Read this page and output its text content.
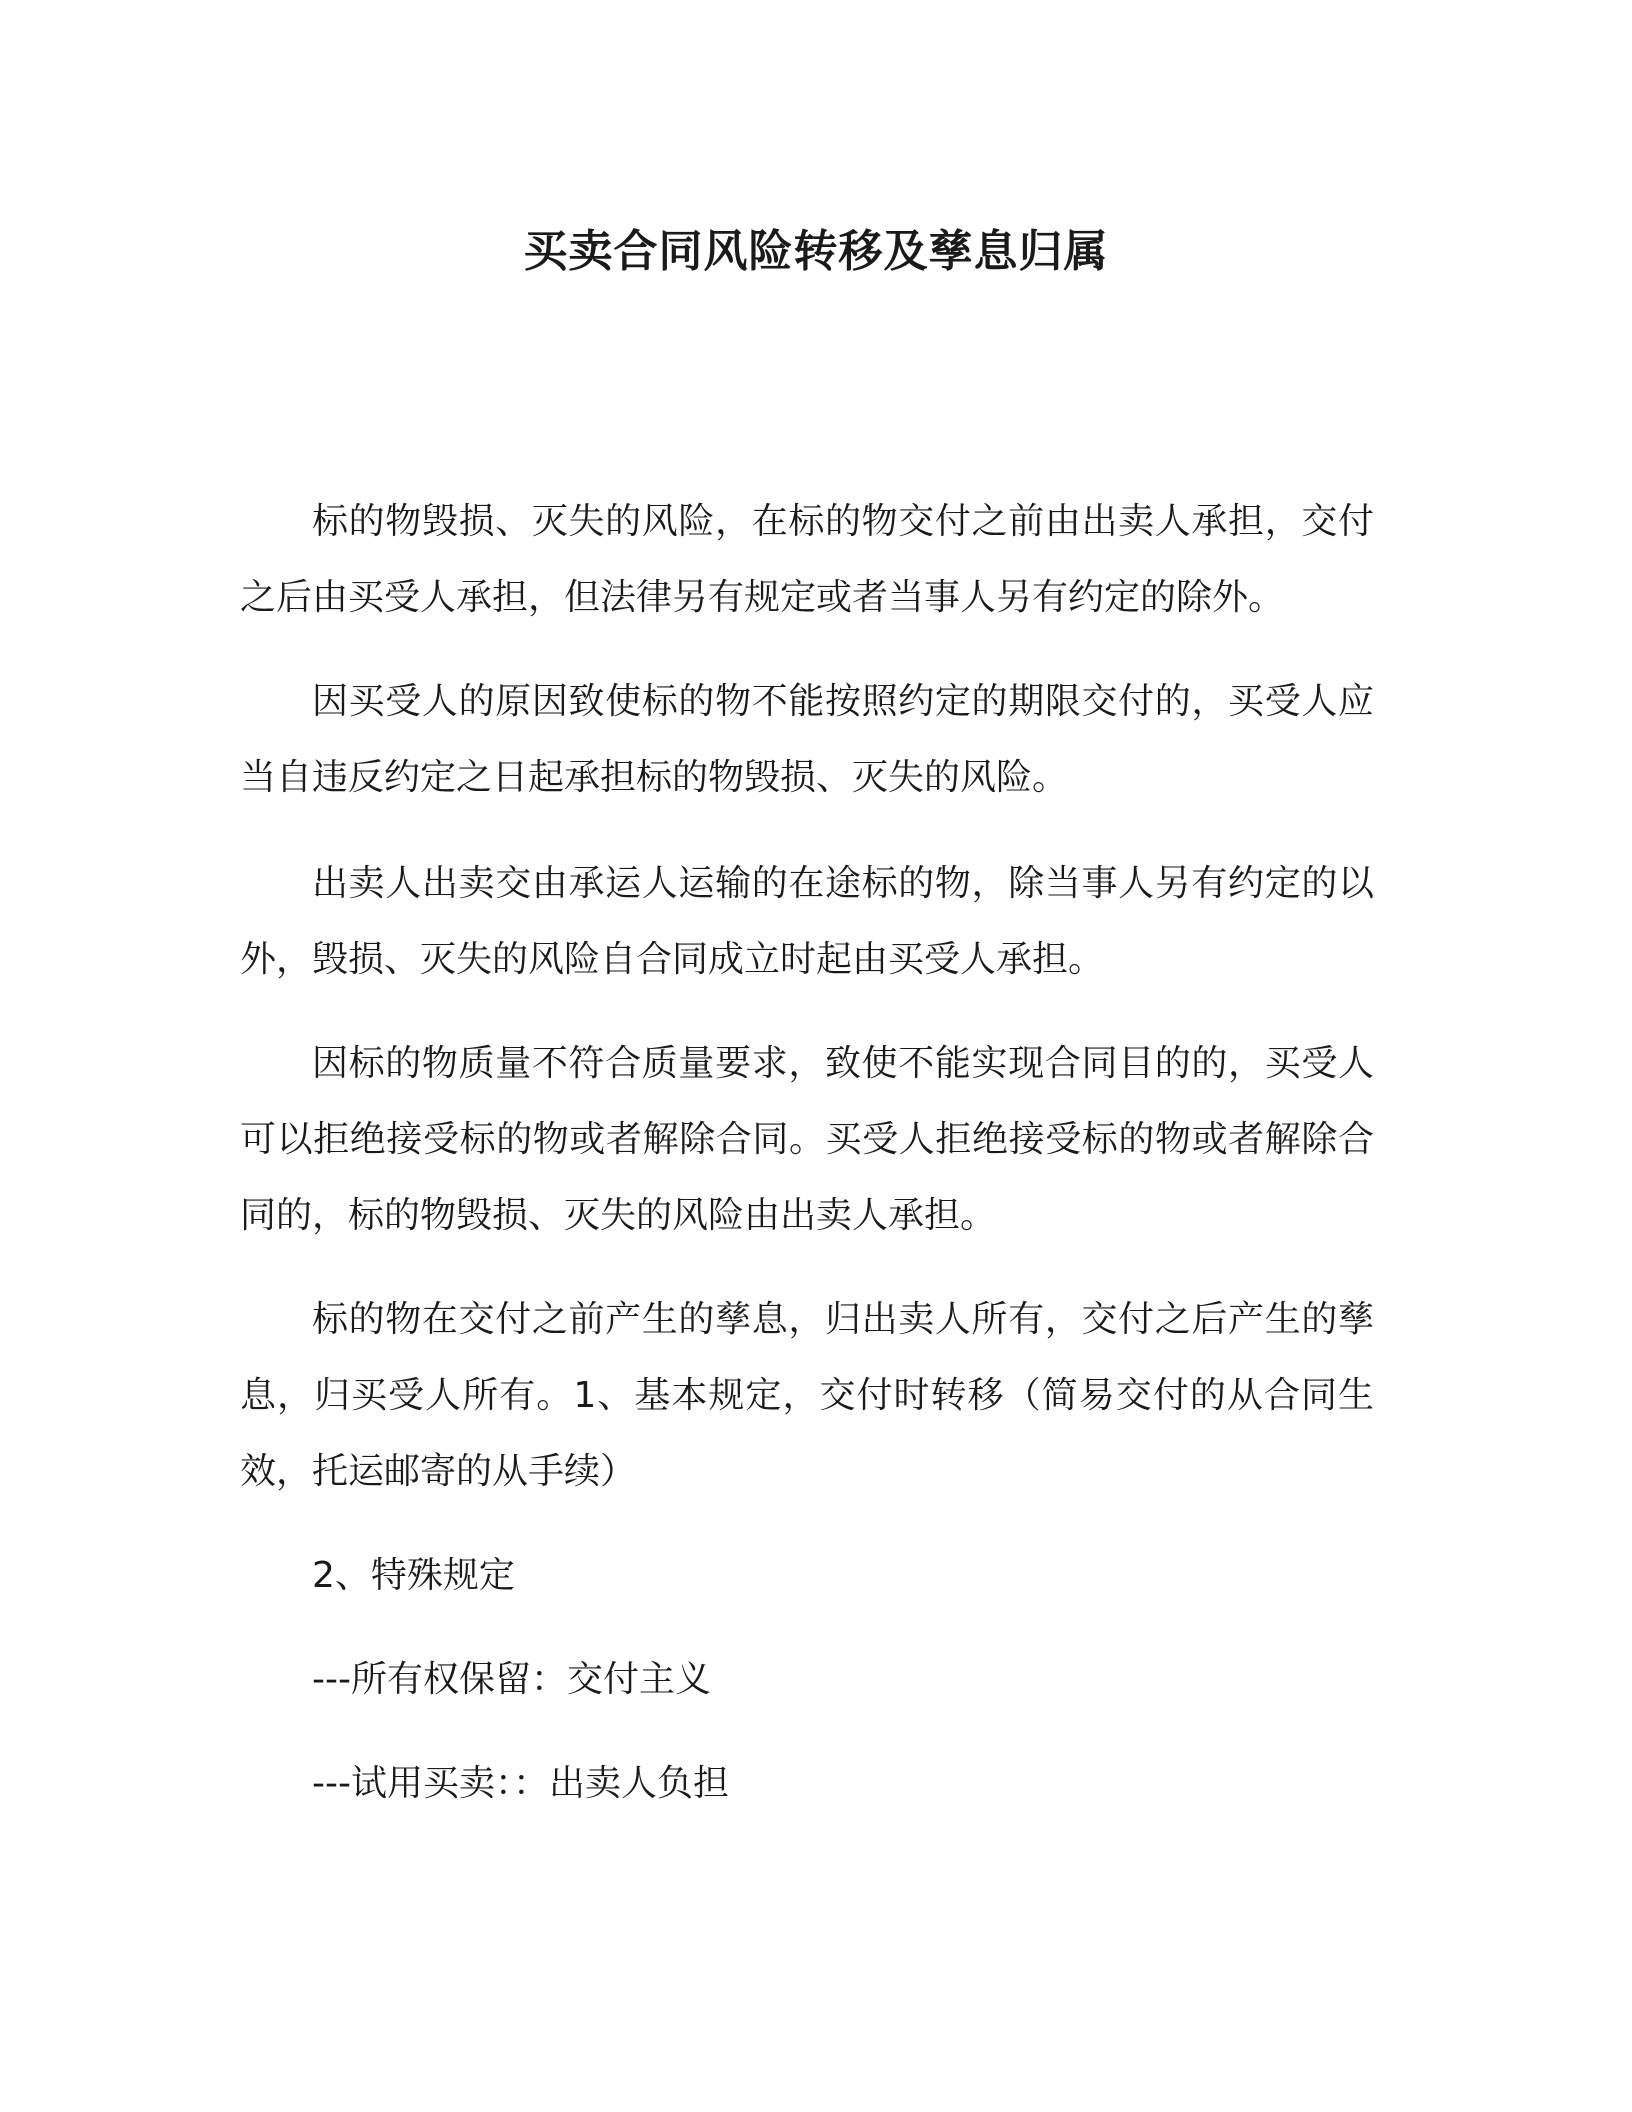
买卖合同风险转移及孳息归属

标的物毁损、灭失的风险，在标的物交付之前由出卖人承担，交付之后由买受人承担，但法律另有规定或者当事人另有约定的除外。

因买受人的原因致使标的物不能按照约定的期限交付的，买受人应当自违反约定之日起承担标的物毁损、灭失的风险。

出卖人出卖交由承运人运输的在途标的物，除当事人另有约定的以外，毁损、灭失的风险自合同成立时起由买受人承担。

因标的物质量不符合质量要求，致使不能实现合同目的的，买受人可以拒绝接受标的物或者解除合同。买受人拒绝接受标的物或者解除合同的，标的物毁损、灭失的风险由出卖人承担。

标的物在交付之前产生的孳息，归出卖人所有，交付之后产生的孳息，归买受人所有。1、基本规定，交付时转移（简易交付的从合同生效，托运邮寄的从手续）

2、特殊规定

---所有权保留：交付主义

---试用买卖：：出卖人负担
